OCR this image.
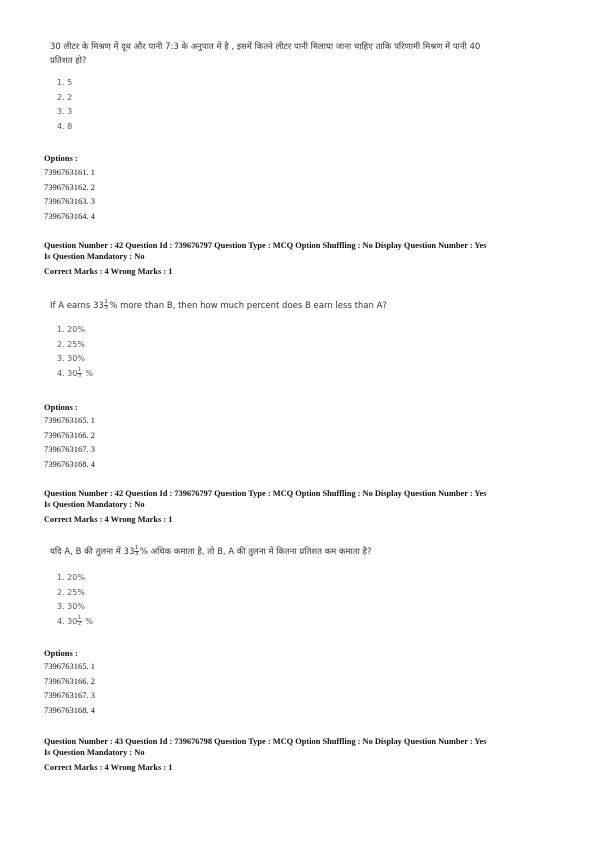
30 लीटर के मिश्रण में दूध और पानी 7:3 के अनुपात में है , इसमें कितने लीटर पानी मिलाया जाना चाहिए ताकि परिणामी मिश्रण में पानी 40
प्रतिशत हो?
1. 5
2. 2
3. 3
4. 8
Options :
7396763161. 1
7396763162. 2
7396763163. 3
7396763164. 4
Question Number : 42 Question Id : 739676797 Question Type : MCQ Option Shuffling : No Display Question Number : Yes
Is Question Mandatory : No
Correct Marks : 4 Wrong Marks : 1
If A earns $33 \frac{1}{3}$ % more than B, then how much percent does B earn less than A?
1. 20%
2. 25%
3. 30%
4. $30 \frac{1}{3}$ %
Options :
7396763165. 1
7396763166. 2
7396763167. 3
7396763168. 4
Question Number : 42 Question Id : 739676797 Question Type : MCQ Option Shuffling : No Display Question Number : Yes
Is Question Mandatory : No
Correct Marks : 4 Wrong Marks : 1
यदि A, B की तुलना में $33 \frac{1}{3}$ % अधिक कमाता है, तो B, A की तुलना में कितना प्रतिशत कम कमाता है?
1. 20%
2. 25%
3. 30%
4. $30 \frac{1}{2}$ %
Options :
7396763165. 1
7396763166. 2
7396763167. 3
7396763168. 4
Question Number : 43 Question Id : 739676798 Question Type : MCQ Option Shuffling : No Display Question Number : Yes
Is Question Mandatory : No
Correct Marks : 4 Wrong Marks : 1
